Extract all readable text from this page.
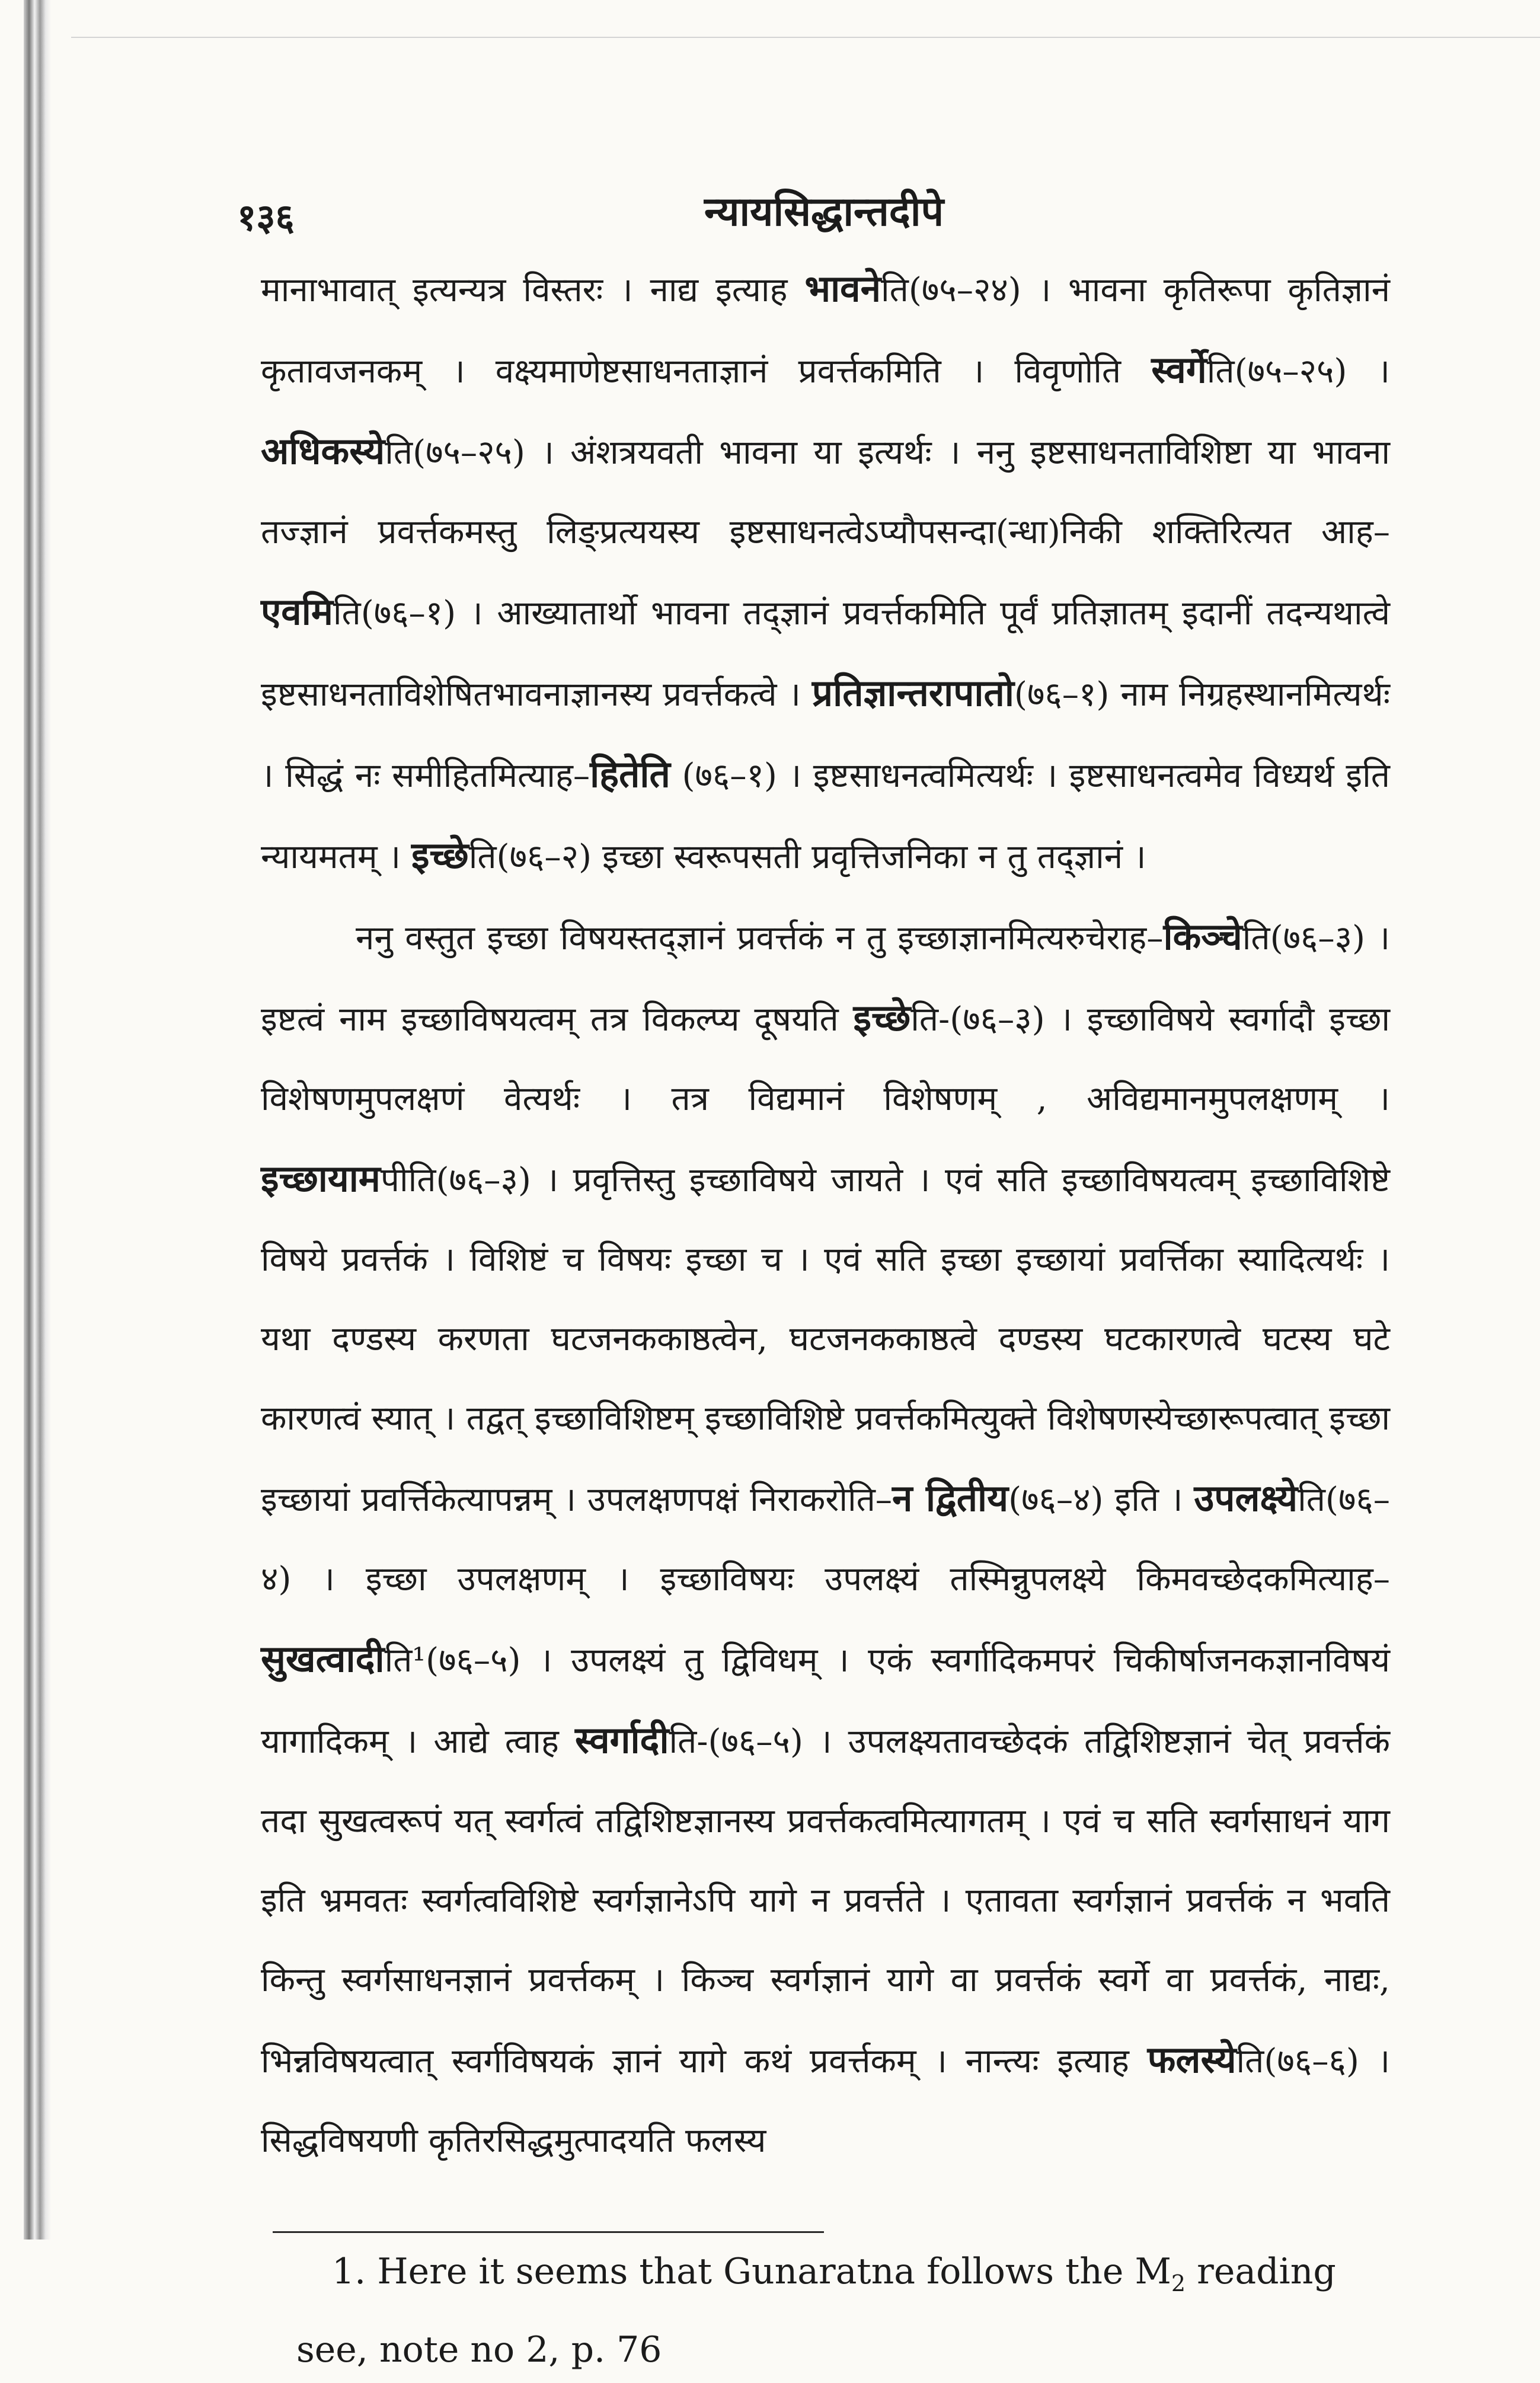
१३६	न्यायसिद्धान्तदीपे

मानाभावात् इत्यन्यत्र विस्तरः । नाद्य इत्याह भावनेति(७५–२४) । भावना कृतिरूपा कृतिज्ञानं कृतावजनकम् । वक्ष्यमाणेष्टसाधनताज्ञानं प्रवर्त्तकमिति । विवृणोति स्वर्गेति(७५–२५) । अधिकस्येति(७५–२५) । अंशत्रयवती भावना या इत्यर्थः । ननु इष्टसाधनताविशिष्टा या भावना तज्ज्ञानं प्रवर्त्तकमस्तु लिङ्प्रत्ययस्य इष्टसाधनत्वेऽप्यौपसन्दा(न्धा)निकी शक्तिरित्यत आह–एवमिति(७६–१) । आख्यातार्थो भावना तद्ज्ञानं प्रवर्त्तकमिति पूर्वं प्रतिज्ञातम् इदानीं तदन्यथात्वे इष्टसाधनताविशेषितभावनाज्ञानस्य प्रवर्त्तकत्वे । प्रतिज्ञान्तरापातो(७६–१) नाम निग्रहस्थानमित्यर्थः । सिद्धं नः समीहितमित्याह–हितेति (७६–१) । इष्टसाधनत्वमित्यर्थः । इष्टसाधनत्वमेव विध्यर्थ इति न्यायमतम् । इच्छेति(७६–२) इच्छा स्वरूपसती प्रवृत्तिजनिका न तु तद्ज्ञानं ।

ननु वस्तुत इच्छा विषयस्तद्ज्ञानं प्रवर्त्तकं न तु इच्छाज्ञानमित्यरुचेराह–किञ्चेति(७६–३) । इष्टत्वं नाम इच्छाविषयत्वम् तत्र विकल्प्य दूषयति इच्छेति-(७६–३) । इच्छाविषये स्वर्गादौ इच्छा विशेषणमुपलक्षणं वेत्यर्थः । तत्र विद्यमानं विशेषणम् , अविद्यमानमुपलक्षणम् । इच्छायामपीति(७६–३) । प्रवृत्तिस्तु इच्छाविषये जायते । एवं सति इच्छाविषयत्वम् इच्छाविशिष्टे विषये प्रवर्त्तकं । विशिष्टं च विषयः इच्छा च । एवं सति इच्छा इच्छायां प्रवर्त्तिका स्यादित्यर्थः । यथा दण्डस्य करणता घटजनककाष्ठत्वेन, घटजनककाष्ठत्वे दण्डस्य घटकारणत्वे घटस्य घटे कारणत्वं स्यात् । तद्वत् इच्छाविशिष्टम् इच्छाविशिष्टे प्रवर्त्तकमित्युक्ते विशेषणस्येच्छारूपत्वात् इच्छा इच्छायां प्रवर्त्तिकेत्यापन्नम् । उपलक्षणपक्षं निराकरोति–न द्वितीय(७६–४) इति । उपलक्ष्येति(७६–४) । इच्छा उपलक्षणम् । इच्छाविषयः उपलक्ष्यं तस्मिन्नुपलक्ष्ये किमवच्छेदकमित्याह–सुखत्वादीति¹(७६–५) । उपलक्ष्यं तु द्विविधम् । एकं स्वर्गादिकमपरं चिकीर्षाजनकज्ञानविषयं यागादिकम् । आद्ये त्वाह स्वर्गादीति-(७६–५) । उपलक्ष्यतावच्छेदकं तद्विशिष्टज्ञानं चेत् प्रवर्त्तकं तदा सुखत्वरूपं यत् स्वर्गत्वं तद्विशिष्टज्ञानस्य प्रवर्त्तकत्वमित्यागतम् । एवं च सति स्वर्गसाधनं याग इति भ्रमवतः स्वर्गत्वविशिष्टे स्वर्गज्ञानेऽपि यागे न प्रवर्त्तते । एतावता स्वर्गज्ञानं प्रवर्त्तकं न भवति किन्तु स्वर्गसाधनज्ञानं प्रवर्त्तकम् । किञ्च स्वर्गज्ञानं यागे वा प्रवर्त्तकं स्वर्गे वा प्रवर्त्तकं, नाद्यः, भिन्नविषयत्वात् स्वर्गविषयकं ज्ञानं यागे कथं प्रवर्त्तकम् । नान्त्यः इत्याह फलस्येति(७६–६) । सिद्धविषयणी कृतिरसिद्धमुत्पादयति फलस्य

1. Here it seems that Gunaratna follows the $M_2$ reading
see, note no 2, p. 76
